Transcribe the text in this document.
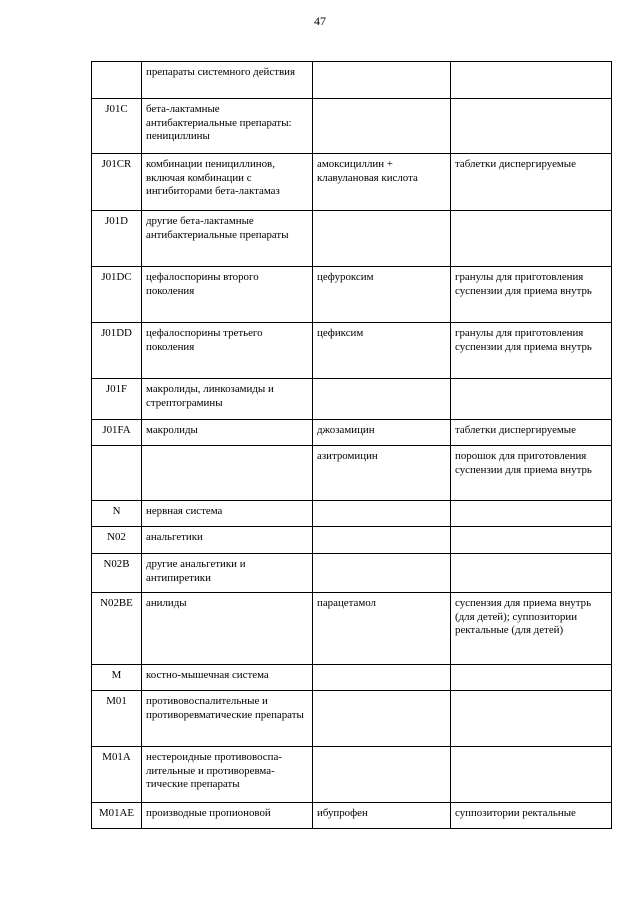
47
	препараты системного действия		
J01C	бета-лактамные антибактериальные препараты: пенициллины		
J01CR	комбинации пенициллинов, включая комбинации с ингибиторами бета-лактамаз	амоксициллин + клавулановая кислота	таблетки диспергируемые
J01D	другие бета-лактамные антибактериальные препараты		
J01DC	цефалоспорины второго поколения	цефуроксим	гранулы для приготовления суспензии для приема внутрь
J01DD	цефалоспорины третьего поколения	цефиксим	гранулы для приготовления суспензии для приема внутрь
J01F	макролиды, линкозамиды и стрептограмины		
J01FA	макролиды	джозамицин	таблетки диспергируемые
		азитромицин	порошок для приготовления суспензии для приема внутрь
N	нервная система		
N02	анальгетики		
N02B	другие анальгетики и антипиретики		
N02BE	анилиды	парацетамол	суспензия для приема внутрь (для детей); суппозитории ректальные (для детей)
M	костно-мышечная система		
M01	противовоспалительные и противоревматические препараты		
M01A	нестероидные противовоспа-лительные и противоревма-тические препараты		
M01AE	производные пропионовой	ибупрофен	суппозитории ректальные
